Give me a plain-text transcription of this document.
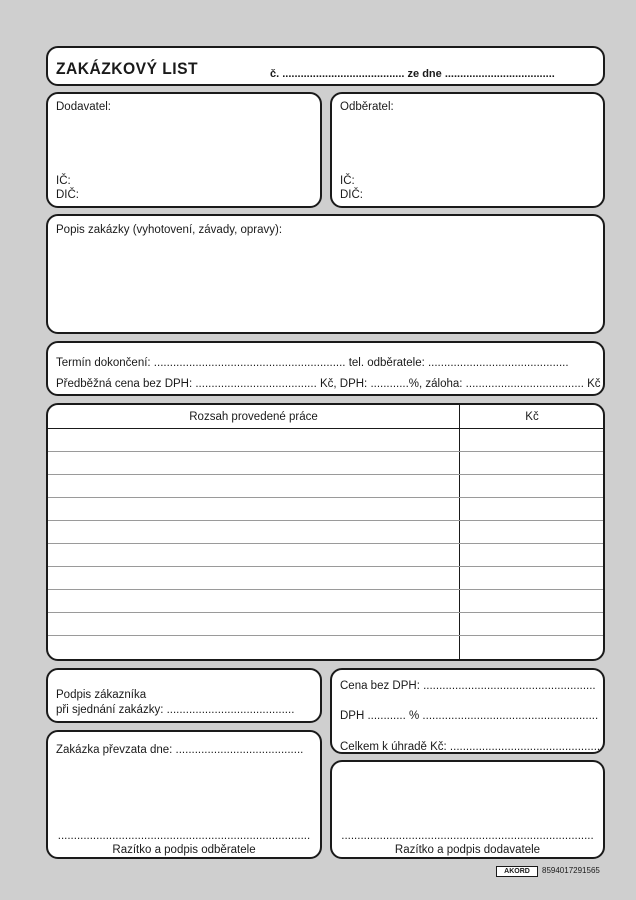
ZAKÁZKOVÝ LIST	č. ........................................ ze dne ....................................
Dodavatel:
IČ:
DIČ:
Odběratel:
IČ:
DIČ:
Popis zakázky (vyhotovení, závady, opravy):
Termín dokončení: ............................................................ tel. odběratele: ............................................
Předběžná cena bez DPH: ...................................... Kč, DPH: ............%, záloha: ..................................... Kč
Rozsah provedené práce	Kč
Podpis zákazníka
při sjednání zakázky: ........................................
Zakázka převzata dne: ........................................
...............................................................................
Razítko a podpis odběratele
Cena bez DPH: ......................................................
DPH ............ % .......................................................
Celkem k úhradě Kč: ...............................................
...............................................................................
Razítko a podpis dodavatele
AKORD	8594017291565
